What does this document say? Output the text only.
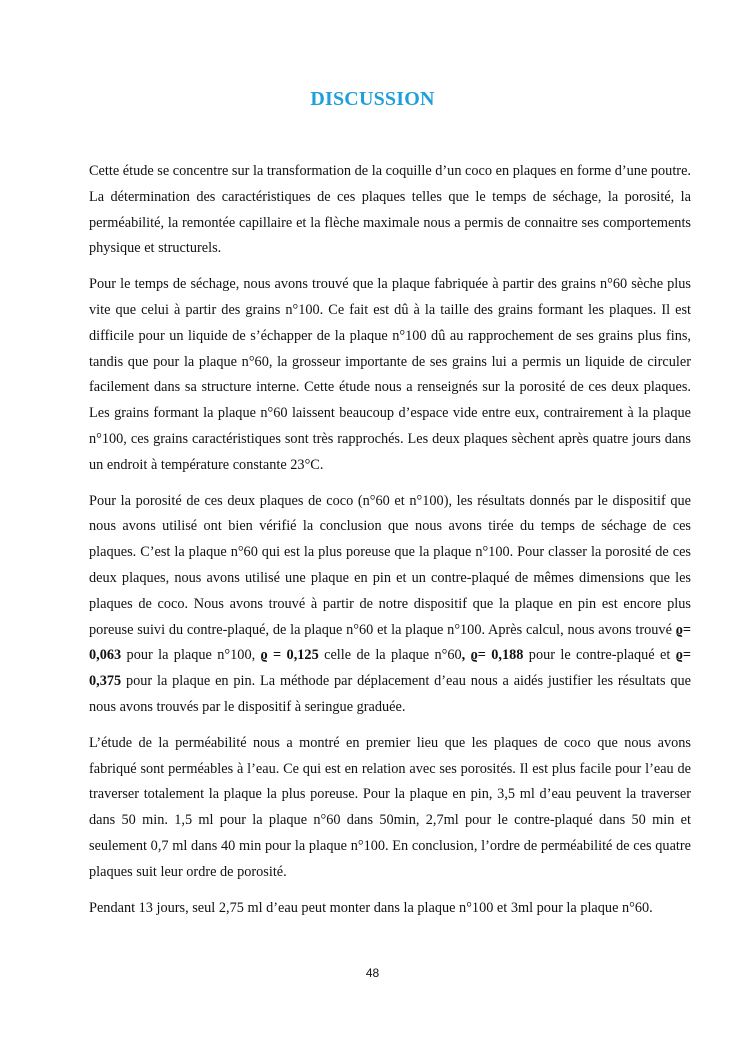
DISCUSSION

Cette étude se concentre sur la transformation de la coquille d’un coco en plaques en forme d’une poutre. La détermination des caractéristiques de ces plaques telles que le temps de séchage, la porosité, la perméabilité, la remontée capillaire et la flèche maximale nous a permis de connaitre ses comportements physique et structurels.

Pour le temps de séchage, nous avons trouvé que la plaque fabriquée à partir des grains n°60 sèche plus vite que celui à partir des grains n°100. Ce fait est dû à la taille des grains formant les plaques. Il est difficile pour un liquide de s’échapper de la plaque n°100 dû au rapprochement de ses grains plus fins, tandis que pour la plaque n°60, la grosseur importante de ses grains lui a permis un liquide de circuler facilement dans sa structure interne. Cette étude nous a renseignés sur la porosité de ces deux plaques. Les grains formant la plaque n°60 laissent beaucoup d’espace vide entre eux, contrairement à la plaque n°100, ces grains caractéristiques sont très rapprochés. Les deux plaques sèchent après quatre jours dans un endroit à température constante 23°C.

Pour la porosité de ces deux plaques de coco (n°60 et n°100), les résultats donnés par le dispositif que nous avons utilisé ont bien vérifié la conclusion que nous avons tirée du temps de séchage de ces plaques. C’est la plaque n°60 qui est la plus poreuse que la plaque n°100. Pour classer la porosité de ces deux plaques, nous avons utilisé une plaque en pin et un contre-plaqué de mêmes dimensions que les plaques de coco. Nous avons trouvé à partir de notre dispositif que la plaque en pin est encore plus poreuse suivi du contre-plaqué, de la plaque n°60 et la plaque n°100. Après calcul, nous avons trouvé ϱ= 0,063 pour la plaque n°100, ϱ = 0,125 celle de la plaque n°60, ϱ= 0,188 pour le contre-plaqué et ϱ= 0,375 pour la plaque en pin. La méthode par déplacement d’eau nous a aidés justifier les résultats que nous avons trouvés par le dispositif à seringue graduée.

L’étude de la perméabilité nous a montré en premier lieu que les plaques de coco que nous avons fabriqué sont perméables à l’eau. Ce qui est en relation avec ses porosités. Il est plus facile pour l’eau de traverser totalement la plaque la plus poreuse. Pour la plaque en pin, 3,5 ml d’eau peuvent la traverser dans 50 min. 1,5 ml pour la plaque n°60 dans 50min, 2,7ml pour le contre-plaqué dans 50 min et seulement 0,7 ml dans 40 min pour la plaque n°100. En conclusion, l’ordre de perméabilité de ces quatre plaques suit leur ordre de porosité.

Pendant 13 jours, seul 2,75 ml d’eau peut monter dans la plaque n°100 et 3ml pour la plaque n°60.

48
